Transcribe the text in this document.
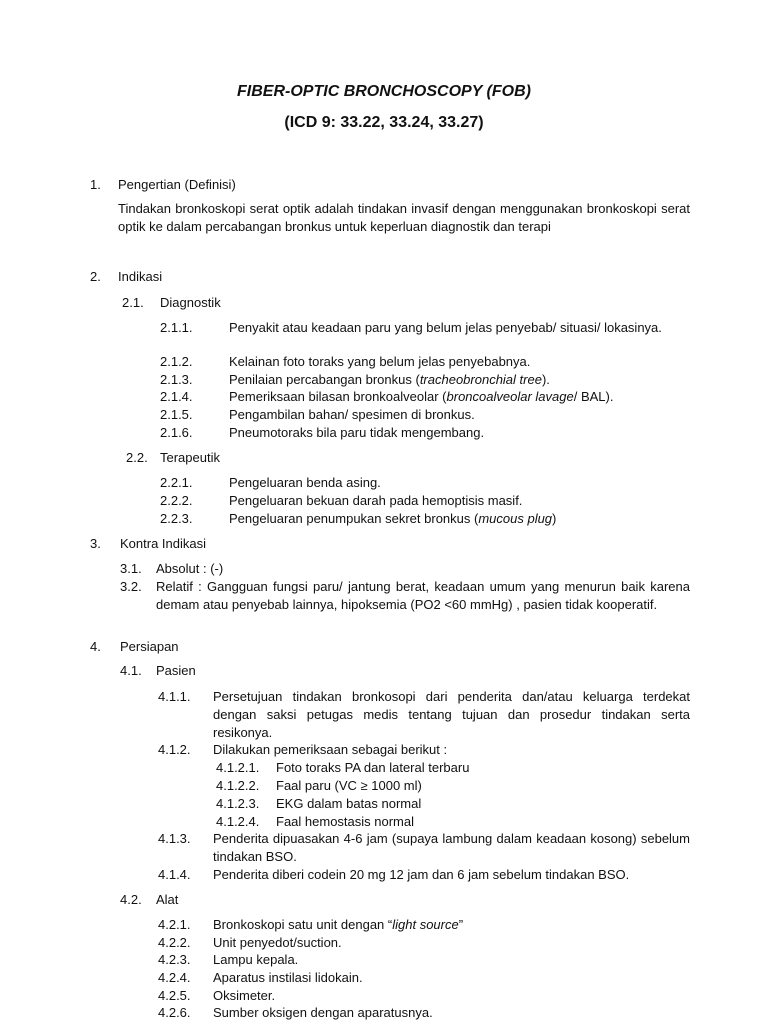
FIBER-OPTIC BRONCHOSCOPY (FOB)
(ICD 9: 33.22, 33.24, 33.27)
1. Pengertian (Definisi)
Tindakan bronkoskopi serat optik adalah tindakan invasif dengan menggunakan bronkoskopi serat optik ke dalam percabangan bronkus untuk keperluan diagnostik dan terapi
2. Indikasi
2.1. Diagnostik
2.1.1.	Penyakit atau keadaan paru yang belum jelas penyebab/ situasi/ lokasinya.
2.1.2.	Kelainan foto toraks yang belum jelas penyebabnya.
2.1.3.	Penilaian percabangan bronkus (tracheobronchial tree).
2.1.4.	Pemeriksaan bilasan bronkoalveolar (broncoalveolar lavage/ BAL).
2.1.5.	Pengambilan bahan/ spesimen di bronkus.
2.1.6.	Pneumotoraks bila paru tidak mengembang.
2.2. Terapeutik
2.2.1.	Pengeluaran benda asing.
2.2.2.	Pengeluaran bekuan darah pada hemoptisis masif.
2.2.3.	Pengeluaran penumpukan sekret bronkus (mucous plug)
3. Kontra Indikasi
3.1. Absolut : (-)
3.2. Relatif : Gangguan fungsi paru/ jantung berat, keadaan umum yang menurun baik karena demam atau penyebab lainnya, hipoksemia (PO2 <60 mmHg) , pasien tidak kooperatif.
4. Persiapan
4.1. Pasien
4.1.1. Persetujuan tindakan bronkosopi dari penderita dan/atau keluarga terdekat dengan saksi petugas medis tentang tujuan dan prosedur tindakan serta resikonya.
4.1.2. Dilakukan pemeriksaan sebagai berikut :
4.1.2.1. Foto toraks PA dan lateral terbaru
4.1.2.2. Faal paru (VC ≥ 1000 ml)
4.1.2.3. EKG dalam batas normal
4.1.2.4. Faal hemostasis normal
4.1.3. Penderita dipuasakan 4-6 jam (supaya lambung dalam keadaan kosong) sebelum tindakan BSO.
4.1.4. Penderita diberi codein 20 mg 12 jam dan 6 jam sebelum tindakan BSO.
4.2. Alat
4.2.1. Bronkoskopi satu unit dengan “light source”
4.2.2. Unit penyedot/suction.
4.2.3. Lampu kepala.
4.2.4. Aparatus instilasi lidokain.
4.2.5. Oksimeter.
4.2.6. Sumber oksigen dengan aparatusnya.
